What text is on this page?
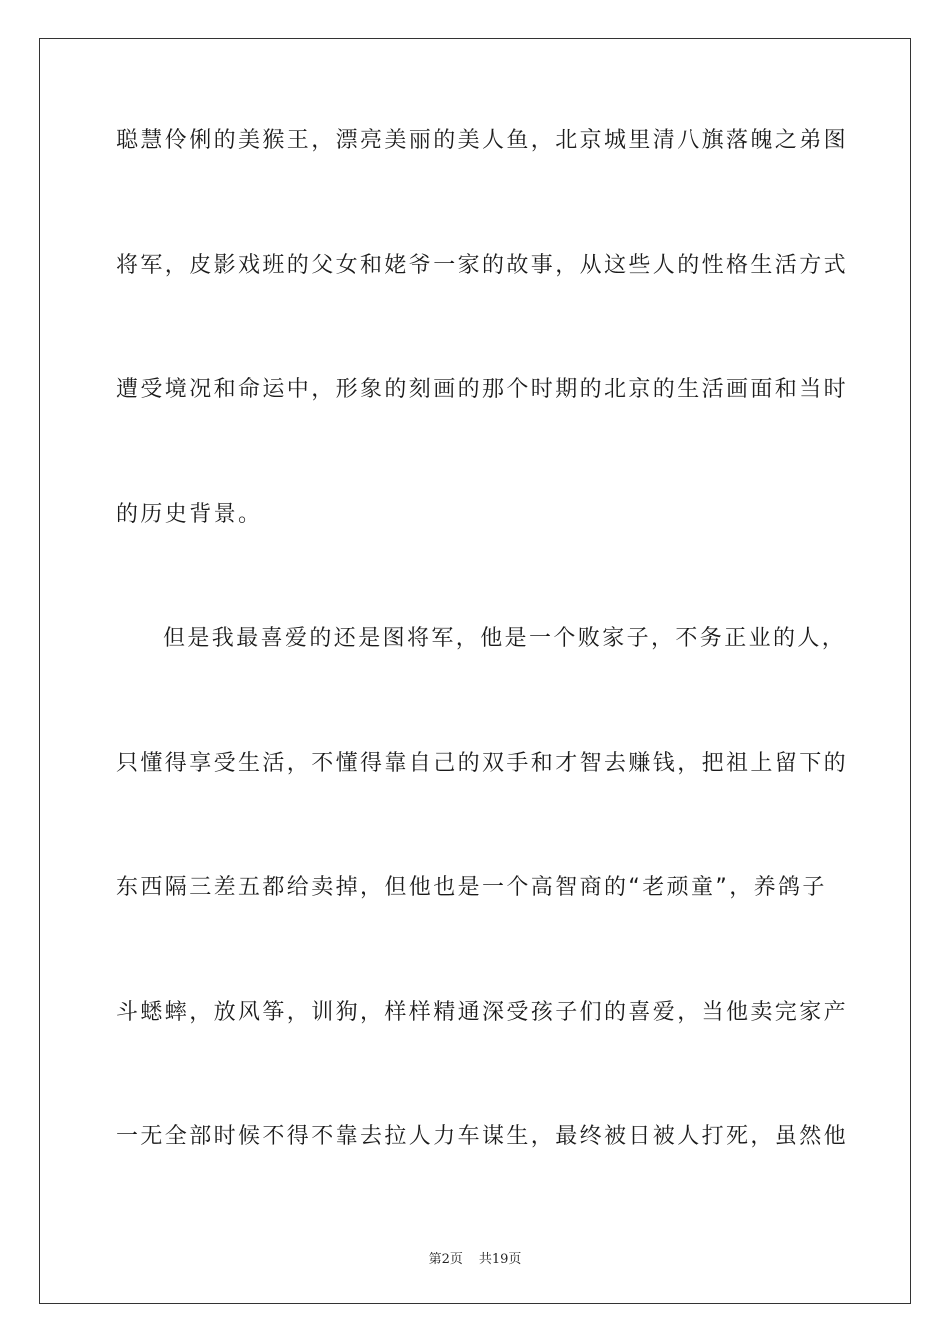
聪慧伶俐的美猴王，漂亮美丽的美人鱼，北京城里清八旗落魄之弟图
将军，皮影戏班的父女和姥爷一家的故事，从这些人的性格生活方式
遭受境况和命运中，形象的刻画的那个时期的北京的生活画面和当时
的历史背景。
但是我最喜爱的还是图将军，他是一个败家子，不务正业的人，
只懂得享受生活，不懂得靠自己的双手和才智去赚钱，把祖上留下的
东西隔三差五都给卖掉，但他也是一个高智商的“老顽童”，养鸽子
斗蟋蟀，放风筝，训狗，样样精通深受孩子们的喜爱，当他卖完家产
一无全部时候不得不靠去拉人力车谋生，最终被日被人打死，虽然他
第2页 共19页
